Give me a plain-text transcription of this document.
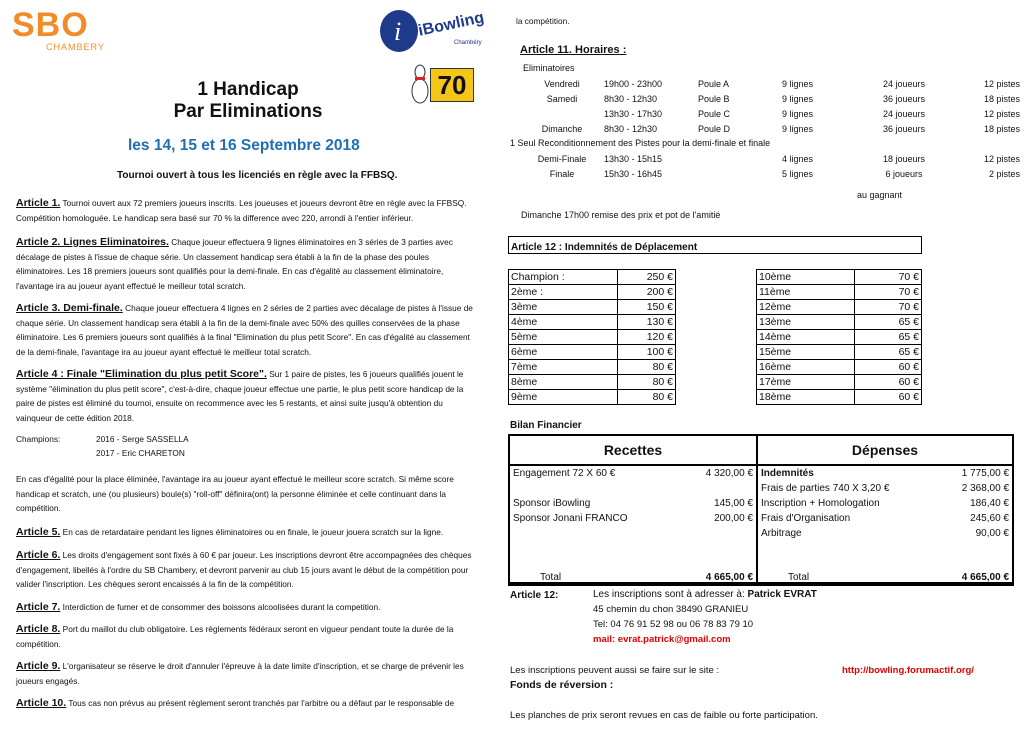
SBO
CHAMBERY
i iBowling
Chambéry
70
1 Handicap
Par Eliminations
les 14, 15 et 16 Septembre 2018
Tournoi ouvert à tous les licenciés en règle avec la FFBSQ.

Article 1. Tournoi ouvert aux 72 premiers joueurs inscrits. Les joueuses et joueurs devront être en règle avec la FFBSQ. Compétition homologuée. Le handicap sera basé sur 70 % la difference avec 220, arrondi à l'entier inférieur.

Article 2. Lignes Eliminatoires. Chaque joueur effectuera 9 lignes éliminatoires en 3 séries de 3 parties avec décalage de pistes à l'issue de chaque série. Un classement handicap sera établi à la fin de la phase des poules éliminatoires. Les 18 premiers joueurs sont qualifiés pour la demi-finale. En cas d'égalité au classement éliminatoire, l'avantage ira au joueur ayant effectué le meilleur total scratch.

Article 3. Demi-finale. Chaque joueur effectuera 4 lignes en 2 séries de 2 parties avec décalage de pistes à l'issue de chaque série. Un classement handicap sera établi à la fin de la demi-finale avec 50% des quilles conservées de la phase éliminatoire. Les 6 premiers joueurs sont qualifiés à la final "Elimination du plus petit Score". En cas d'égalité au classement de la demi-finale, l'avantage ira au joueur ayant effectué le meilleur total scratch.

Article 4 : Finale "Elimination du plus petit Score". Sur 1 paire de pistes, les 6 joueurs qualifiés jouent le système "élimination du plus petit score", c'est-à-dire, chaque joueur effectue une partie, le plus petit score handicap de la paire de pistes est éliminé du tournoi, ensuite on recommence avec les 5 restants, et ainsi suite jusqu'à obtention du vainqueur de cette édition 2018.

Champions:	2016 - Serge SASSELLA
2017 - Eric CHARETON

En cas d'égalité pour la place éliminée, l'avantage ira au joueur ayant effectué le meilleur score scratch. Si même score handicap et scratch, une (ou plusieurs) boule(s) "roll-off" définira(ont) la personne éliminée et celle continuant dans la compétition.

Article 5. En cas de retardataire pendant les lignes éliminatoires ou en finale, le joueur jouera scratch sur la ligne.

Article 6. Les droits d'engagement sont fixés à 60 € par joueur. Les inscriptions devront être accompagnées des chèques d'engagement, libellés à l'ordre du SB Chambery, et devront parvenir au club 15 jours avant le début de la compétition pour valider l'inscription. Les chèques seront encaissés à la fin de la compétition.

Article 7. Interdiction de fumer et de consommer des boissons alcoolisées durant la competition.

Article 8. Port du maillot du club obligatoire. Les règlements fédéraux seront en vigueur pendant toute la durée de la compétition.

Article 9. L'organisateur se réserve le droit d'annuler l'épreuve à la date limite d'inscription, et se charge de prévenir les joueurs engagés.

Article 10. Tous cas non prévus au présent règlement seront tranchés par l'arbitre ou a défaut par le responsable de

la compétition.
Article 11. Horaires :
Eliminatoires
Vendredi	19h00 - 23h00	Poule A	9 lignes	24 joueurs	12 pistes
Samedi	8h30 - 12h30	Poule B	9 lignes	36 joueurs	18 pistes
	13h30 - 17h30	Poule C	9 lignes	24 joueurs	12 pistes
Dimanche	8h30 - 12h30	Poule D	9 lignes	36 joueurs	18 pistes
1 Seul Reconditionnement des Pistes pour la demi-finale et finale
Demi-Finale	13h30 - 15h15		4 lignes	18 joueurs	12 pistes
Finale	15h30 - 16h45		5 lignes	6 joueurs	2 pistes
au gagnant
Dimanche 17h00 remise des prix et pot de l'amitié
Article 12 : Indemnités de Déplacement
Champion :	250 €
2ème :	200 €
3ème	150 €
4ème	130 €
5ème	120 €
6ème	100 €
7ème	80 €
8ème	80 €
9ème	80 €
10ème	70 €
11ème	70 €
12ème	70 €
13ème	65 €
14ème	65 €
15ème	65 €
16ème	60 €
17ème	60 €
18ème	60 €
Bilan Financier
Recettes	Dépenses
Engagement 72 X 60 €	4 320,00 €

Sponsor iBowling	145,00 €
Sponsor Jonani FRANCO	200,00 €
Indemnités	1 775,00 €
Frais de parties 740 X 3,20 €	2 368,00 €
Inscription + Homologation	186,40 €
Frais d'Organisation	245,60 €
Arbitrage	90,00 €
Total	4 665,00 €	Total	4 665,00 €
Article 12:	Les inscriptions sont à adresser à: Patrick EVRAT
45 chemin du chon 38490 GRANIEU
Tel: 04 76 91 52 98 ou 06 78 83 79 10
mail: evrat.patrick@gmail.com
Les inscriptions peuvent aussi se faire sur le site :	http://bowling.forumactif.org/
Fonds de réversion :
Les planches de prix seront revues en cas de faible ou forte participation.
